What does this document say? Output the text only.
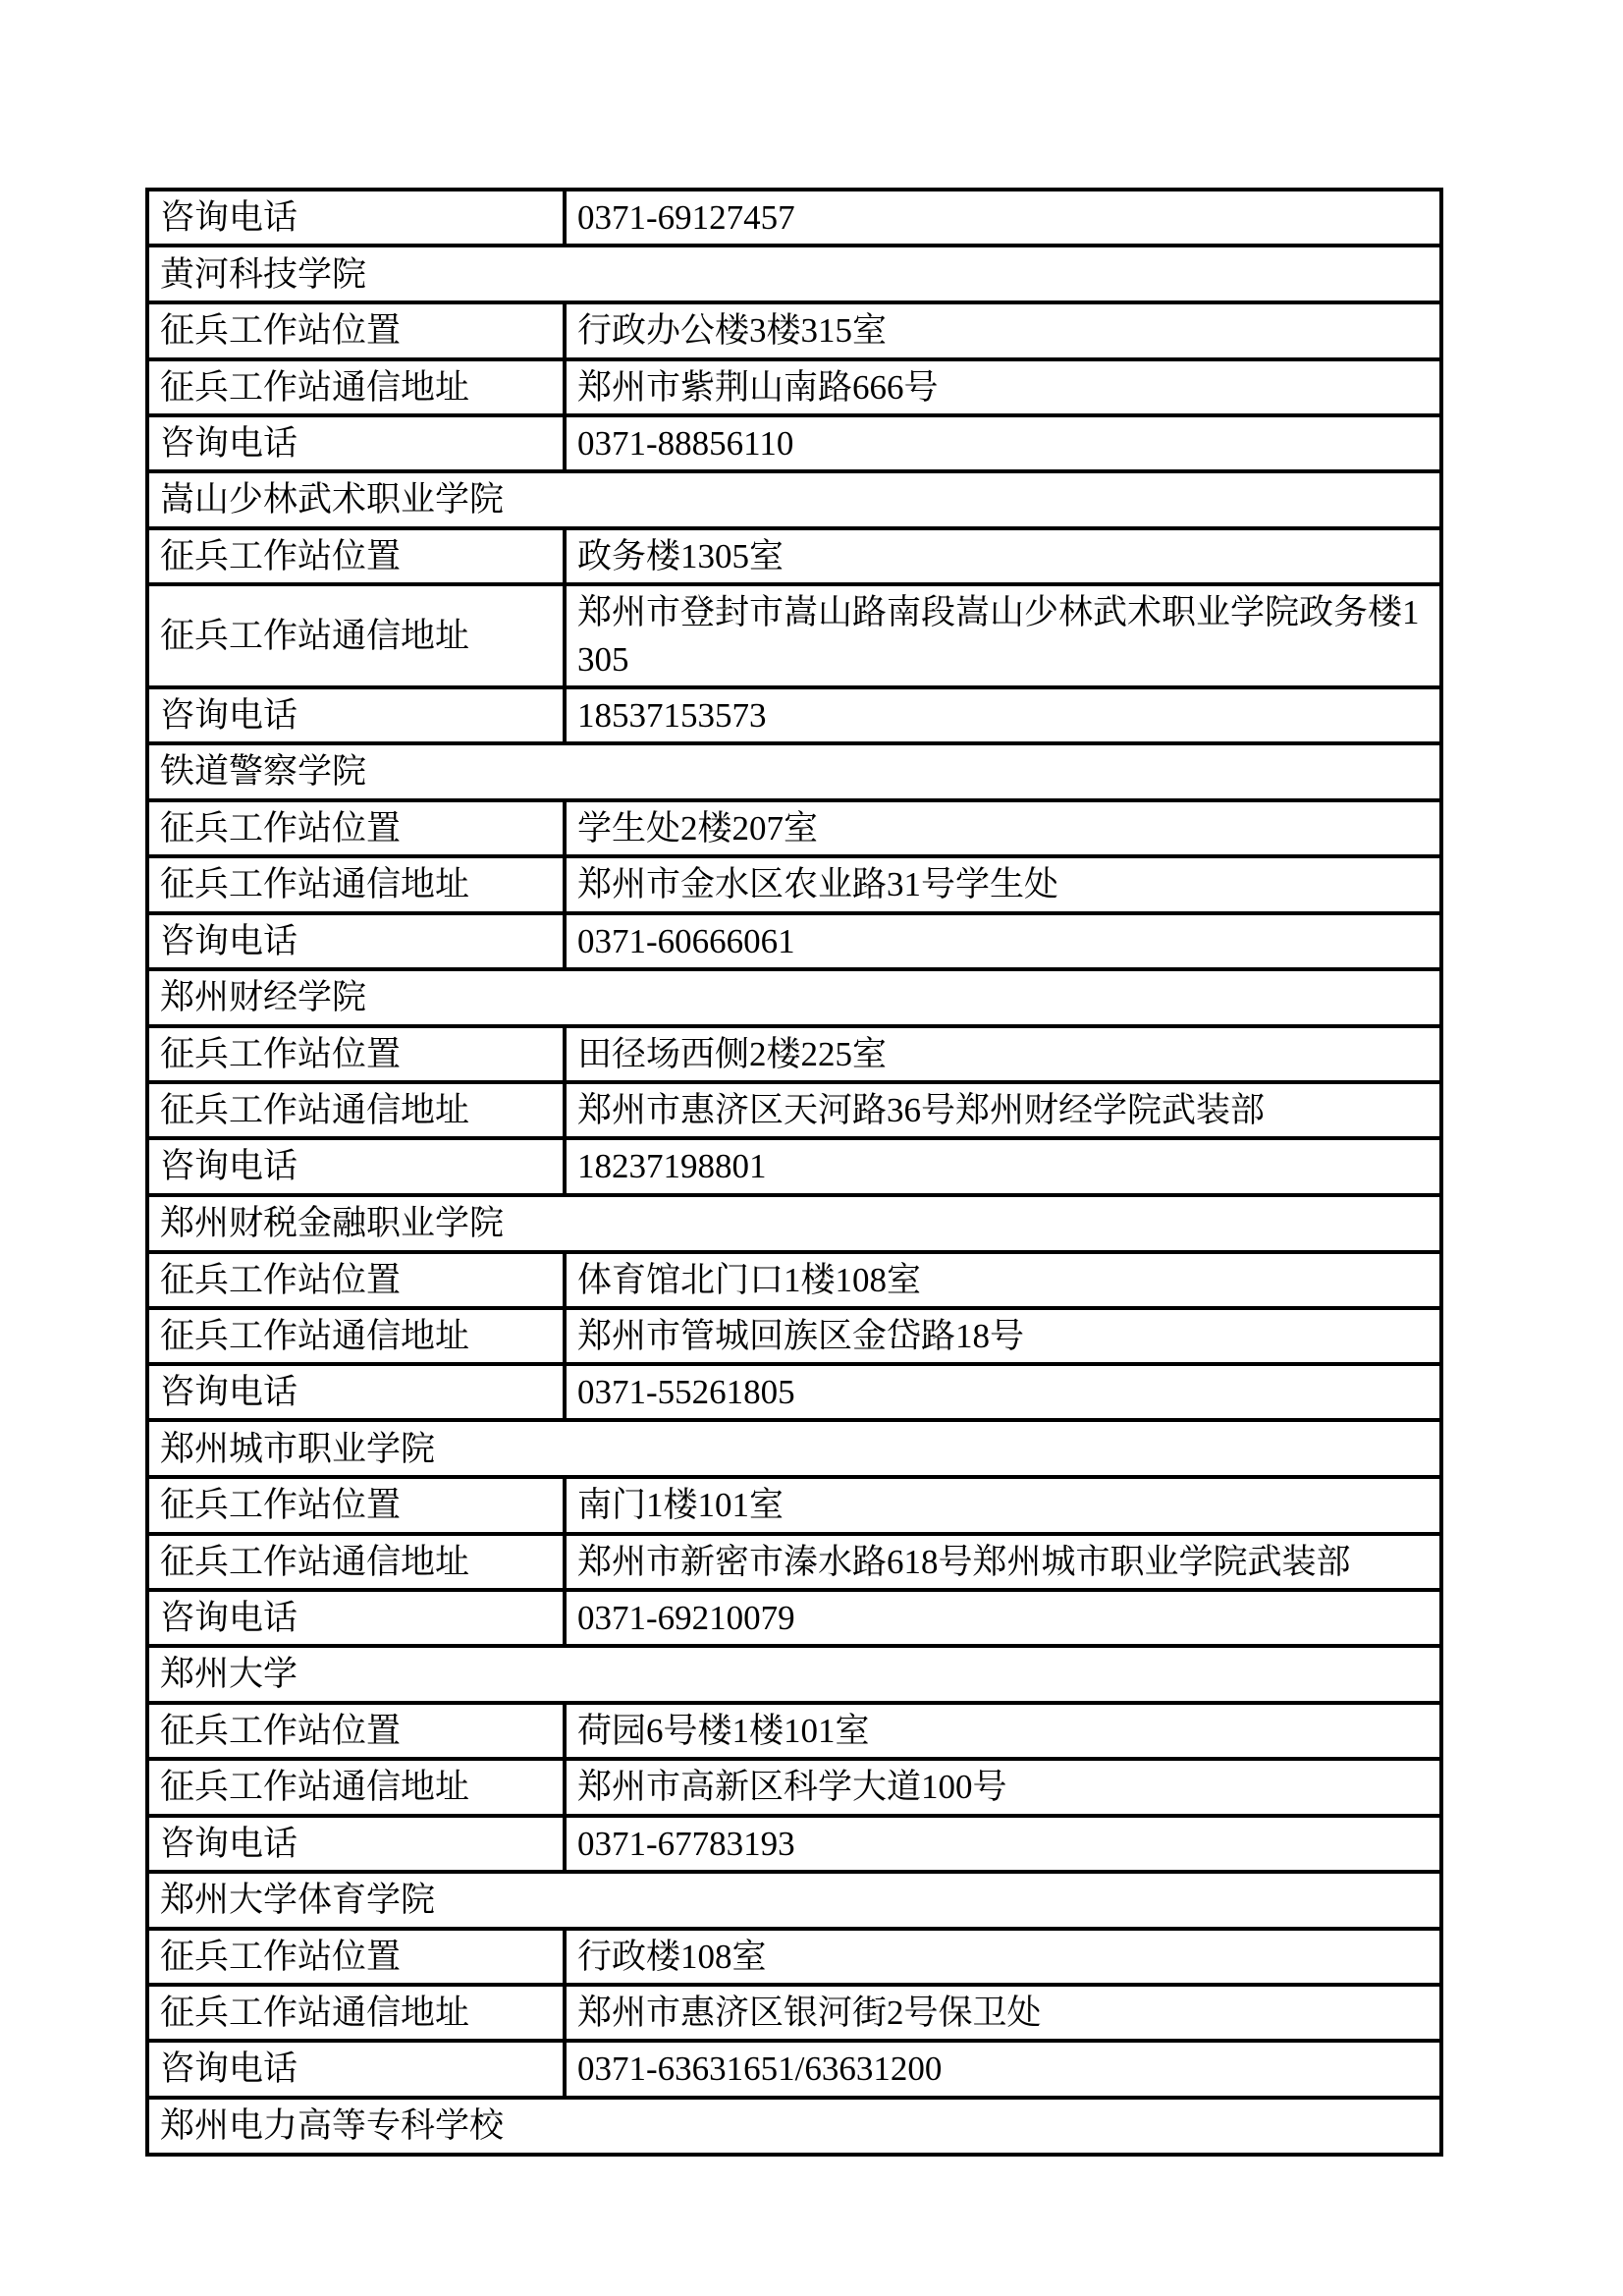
咨询电话	0371-69127457
黄河科技学院	
征兵工作站位置	行政办公楼3楼315室
征兵工作站通信地址	郑州市紫荆山南路666号
咨询电话	0371-88856110
嵩山少林武术职业学院	
征兵工作站位置	政务楼1305室
征兵工作站通信地址	郑州市登封市嵩山路南段嵩山少林武术职业学院政务楼1305
咨询电话	18537153573
铁道警察学院	
征兵工作站位置	学生处2楼207室
征兵工作站通信地址	郑州市金水区农业路31号学生处
咨询电话	0371-60666061
郑州财经学院	
征兵工作站位置	田径场西侧2楼225室
征兵工作站通信地址	郑州市惠济区天河路36号郑州财经学院武装部
咨询电话	18237198801
郑州财税金融职业学院	
征兵工作站位置	体育馆北门口1楼108室
征兵工作站通信地址	郑州市管城回族区金岱路18号
咨询电话	0371-55261805
郑州城市职业学院	
征兵工作站位置	南门1楼101室
征兵工作站通信地址	郑州市新密市溱水路618号郑州城市职业学院武装部
咨询电话	0371-69210079
郑州大学	
征兵工作站位置	荷园6号楼1楼101室
征兵工作站通信地址	郑州市高新区科学大道100号
咨询电话	0371-67783193
郑州大学体育学院	
征兵工作站位置	行政楼108室
征兵工作站通信地址	郑州市惠济区银河街2号保卫处
咨询电话	0371-63631651/63631200
郑州电力高等专科学校	
